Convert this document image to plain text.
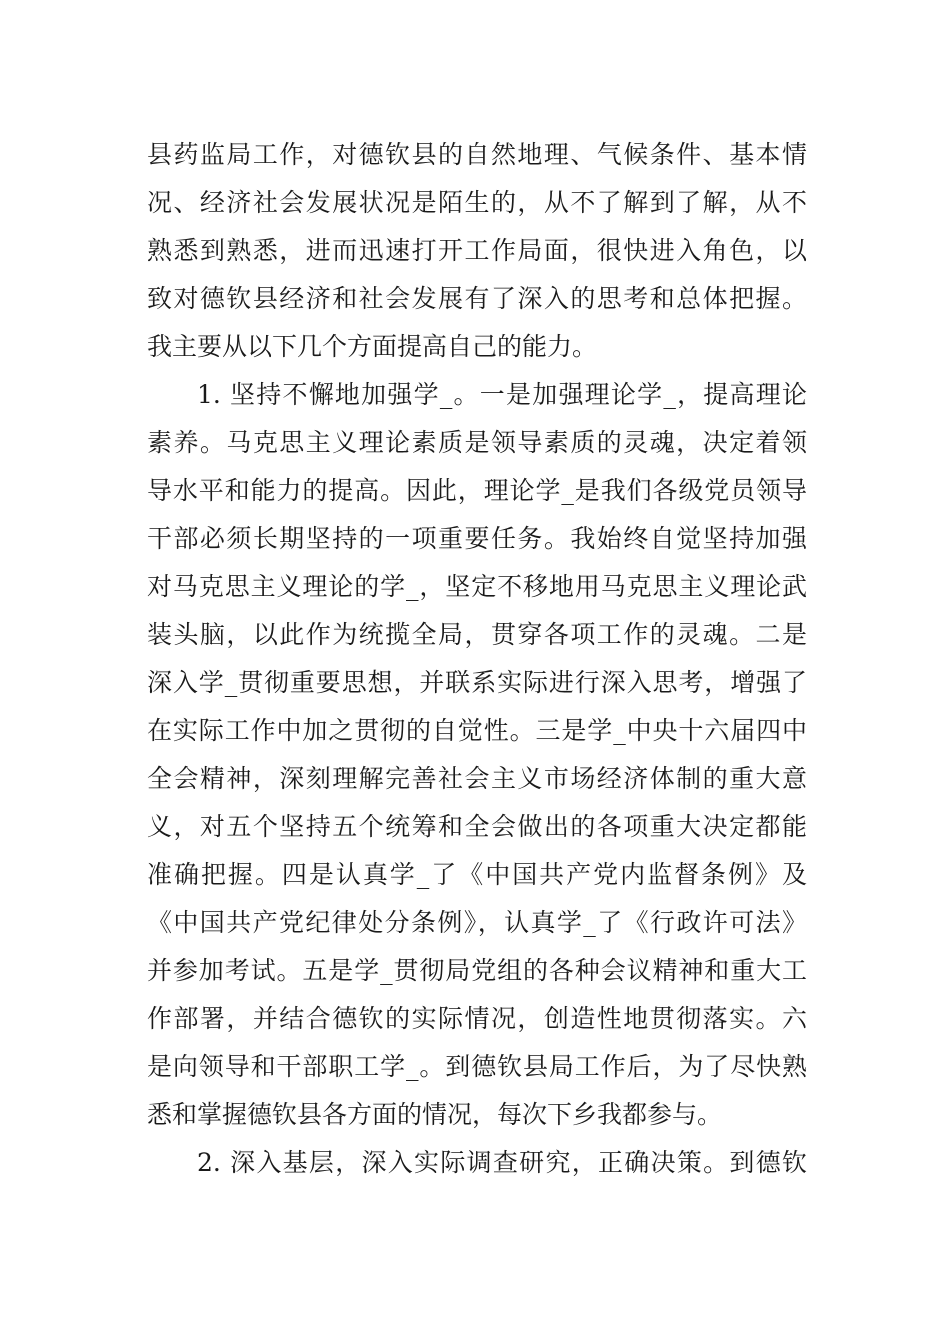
县药监局工作，对德钦县的自然地理、气候条件、基本情
况、经济社会发展状况是陌生的，从不了解到了解，从不
熟悉到熟悉，进而迅速打开工作局面，很快进入角色，以
致对德钦县经济和社会发展有了深入的思考和总体把握。
我主要从以下几个方面提高自己的能力。
1. 坚持不懈地加强学_。一是加强理论学_，提高理论
素养。马克思主义理论素质是领导素质的灵魂，决定着领
导水平和能力的提高。因此，理论学_是我们各级党员领导
干部必须长期坚持的一项重要任务。我始终自觉坚持加强
对马克思主义理论的学_，坚定不移地用马克思主义理论武
装头脑，以此作为统揽全局，贯穿各项工作的灵魂。二是
深入学_贯彻重要思想，并联系实际进行深入思考，增强了
在实际工作中加之贯彻的自觉性。三是学_中央十六届四中
全会精神，深刻理解完善社会主义市场经济体制的重大意
义，对五个坚持五个统筹和全会做出的各项重大决定都能
准确把握。四是认真学_了《中国共产党内监督条例》及
《中国共产党纪律处分条例》，认真学_了《行政许可法》
并参加考试。五是学_贯彻局党组的各种会议精神和重大工
作部署，并结合德钦的实际情况，创造性地贯彻落实。六
是向领导和干部职工学_。到德钦县局工作后，为了尽快熟
悉和掌握德钦县各方面的情况，每次下乡我都参与。
2. 深入基层，深入实际调查研究，正确决策。到德钦
